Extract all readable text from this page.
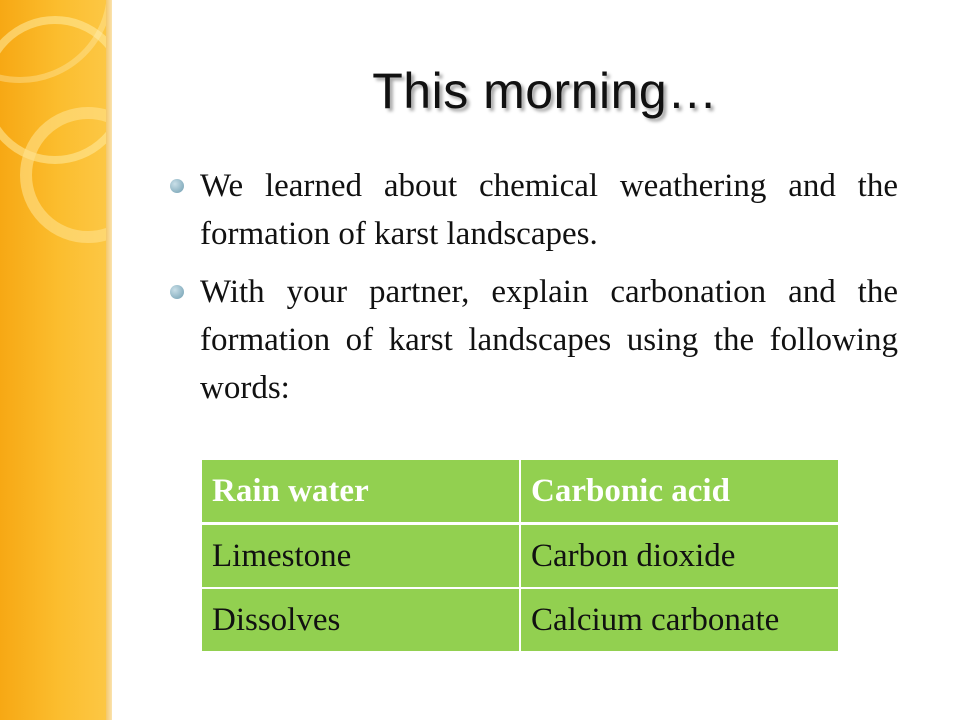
This morning…
We learned about chemical weathering and the formation of karst landscapes.
With your partner, explain carbonation and the formation of karst landscapes using the following words:
Rain water	Carbonic acid
Limestone	Carbon dioxide
Dissolves	Calcium carbonate
